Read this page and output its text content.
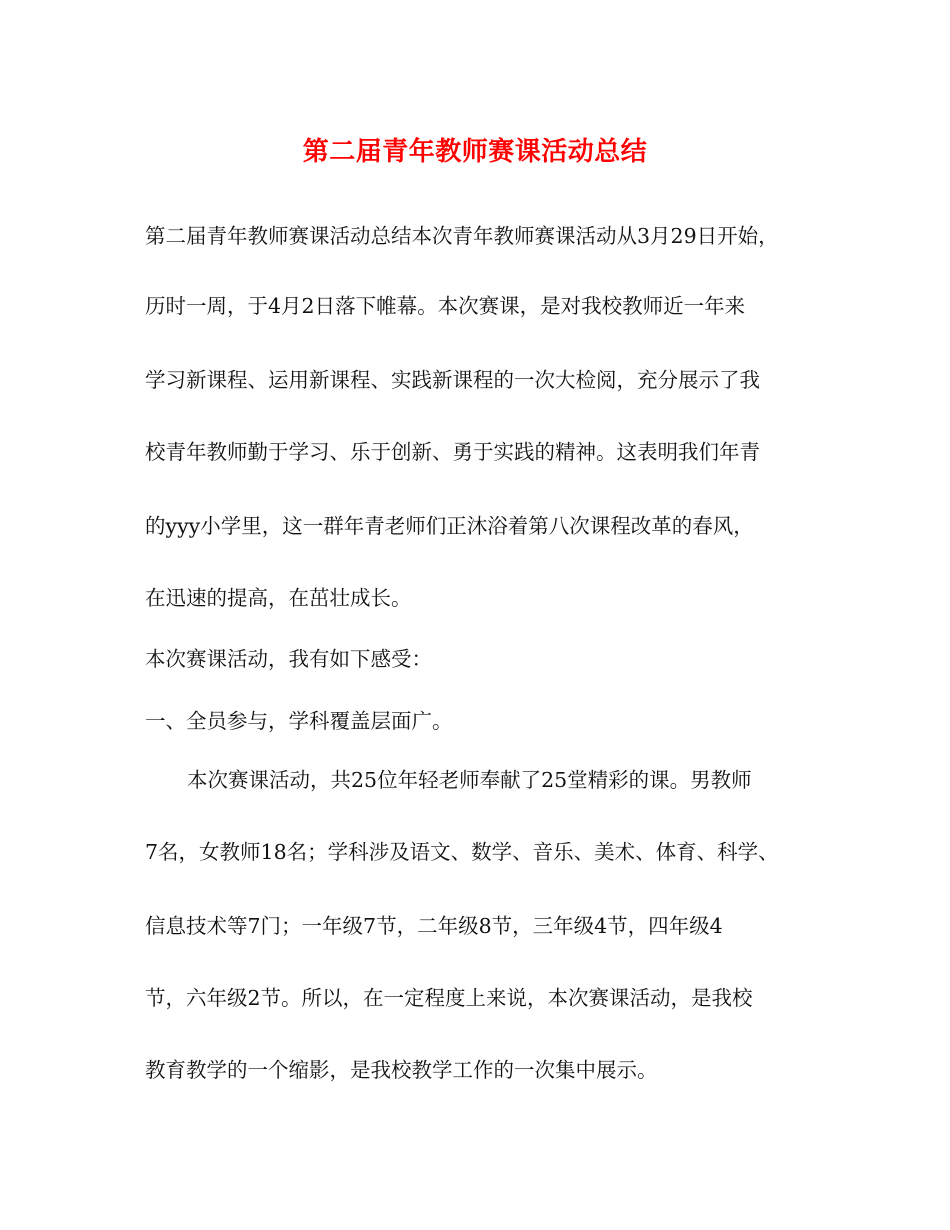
第二届青年教师赛课活动总结
第二届青年教师赛课活动总结本次青年教师赛课活动从3月29日开始，
历时一周，于4月2日落下帷幕。本次赛课，是对我校教师近一年来
学习新课程、运用新课程、实践新课程的一次大检阅，充分展示了我
校青年教师勤于学习、乐于创新、勇于实践的精神。这表明我们年青
的yyy小学里，这一群年青老师们正沐浴着第八次课程改革的春风，
在迅速的提高，在茁壮成长。
本次赛课活动，我有如下感受：
一、全员参与，学科覆盖层面广。
本次赛课活动，共25位年轻老师奉献了25堂精彩的课。男教师
7名，女教师18名；学科涉及语文、数学、音乐、美术、体育、科学、
信息技术等7门；一年级7节，二年级8节，三年级4节，四年级4
节，六年级2节。所以，在一定程度上来说，本次赛课活动，是我校
教育教学的一个缩影，是我校教学工作的一次集中展示。
